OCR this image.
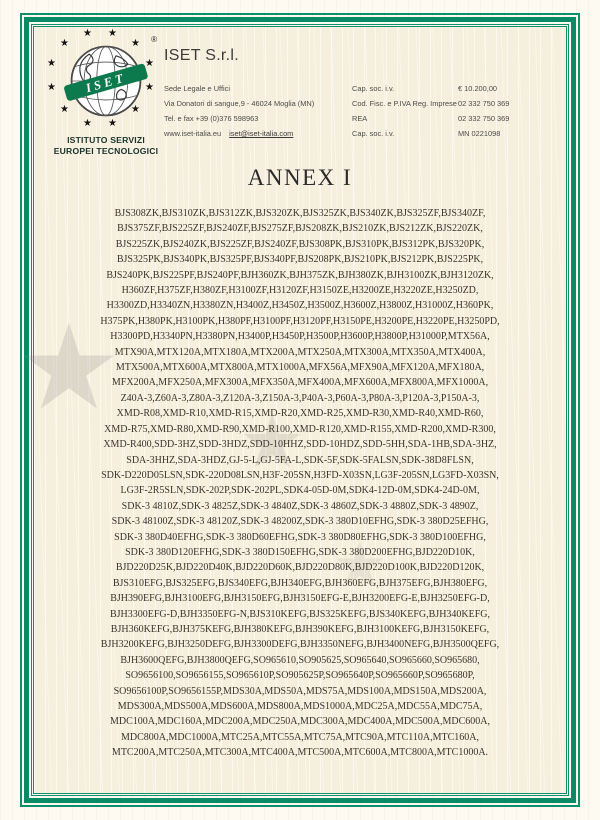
★
★
★
ISET
®
★
★
★
★
★
★
★
★
★
★
★
★
ISTITUTO SERVIZI
EUROPEI TECNOLOGICI
ISET S.r.l.
Sede Legale e Uffici
Via Donatori di sangue,9 - 46024 Moglia (MN)
Tel. e fax +39 (0)376 598963
www.iset-italia.eu iset@iset-italia.com
Cap. soc. i.v.
Cod. Fisc. e P.IVA Reg. Imprese
REA
Cap. soc. i.v.
€ 10.200,00
02 332 750 369
02 332 750 369
MN 0221098
ANNEX I
BJS308ZK,BJS310ZK,BJS312ZK,BJS320ZK,BJS325ZK,BJS340ZK,BJS325ZF,BJS340ZF,
BJS375ZF,BJS225ZF,BJS240ZF,BJS275ZF,BJS208ZK,BJS210ZK,BJS212ZK,BJS220ZK,
BJS225ZK,BJS240ZK,BJS225ZF,BJS240ZF,BJS308PK,BJS310PK,BJS312PK,BJS320PK,
BJS325PK,BJS340PK,BJS325PF,BJS340PF,BJS208PK,BJS210PK,BJS212PK,BJS225PK,
BJS240PK,BJS225PF,BJS240PF,BJH360ZK,BJH375ZK,BJH380ZK,BJH3100ZK,BJH3120ZK,
H360ZF,H375ZF,H380ZF,H3100ZF,H3120ZF,H3150ZE,H3200ZE,H3220ZE,H3250ZD,
H3300ZD,H3340ZN,H3380ZN,H3400Z,H3450Z,H3500Z,H3600Z,H3800Z,H31000Z,H360PK,
H375PK,H380PK,H3100PK,H380PF,H3100PF,H3120PF,H3150PE,H3200PE,H3220PE,H3250PD,
H3300PD,H3340PN,H3380PN,H3400P,H3450P,H3500P,H3600P,H3800P,H31000P,MTX56A,
MTX90A,MTX120A,MTX180A,MTX200A,MTX250A,MTX300A,MTX350A,MTX400A,
MTX500A,MTX600A,MTX800A,MTX1000A,MFX56A,MFX90A,MFX120A,MFX180A,
MFX200A,MFX250A,MFX300A,MFX350A,MFX400A,MFX600A,MFX800A,MFX1000A,
Z40A-3,Z60A-3,Z80A-3,Z120A-3,Z150A-3,P40A-3,P60A-3,P80A-3,P120A-3,P150A-3,
XMD-R08,XMD-R10,XMD-R15,XMD-R20,XMD-R25,XMD-R30,XMD-R40,XMD-R60,
XMD-R75,XMD-R80,XMD-R90,XMD-R100,XMD-R120,XMD-R155,XMD-R200,XMD-R300,
XMD-R400,SDD-3HZ,SDD-3HDZ,SDD-10HHZ,SDD-10HDZ,SDD-5HH,SDA-1HB,SDA-3HZ,
SDA-3HHZ,SDA-3HDZ,GJ-5-L,GJ-5FA-L,SDK-5F,SDK-5FALSN,SDK-38D8FLSN,
SDK-D220D05LSN,SDK-220D08LSN,H3F-205SN,H3FD-X03SN,LG3F-205SN,LG3FD-X03SN,
LG3F-2R5SLN,SDK-202P,SDK-202PL,SDK4-05D-0M,SDK4-12D-0M,SDK4-24D-0M,
SDK-3 4810Z,SDK-3 4825Z,SDK-3 4840Z,SDK-3 4860Z,SDK-3 4880Z,SDK-3 4890Z,
SDK-3 48100Z,SDK-3 48120Z,SDK-3 48200Z,SDK-3 380D10EFHG,SDK-3 380D25EFHG,
SDK-3 380D40EFHG,SDK-3 380D60EFHG,SDK-3 380D80EFHG,SDK-3 380D100EFHG,
SDK-3 380D120EFHG,SDK-3 380D150EFHG,SDK-3 380D200EFHG,BJD220D10K,
BJD220D25K,BJD220D40K,BJD220D60K,BJD220D80K,BJD220D100K,BJD220D120K,
BJS310EFG,BJS325EFG,BJS340EFG,BJH340EFG,BJH360EFG,BJH375EFG,BJH380EFG,
BJH390EFG,BJH3100EFG,BJH3150EFG,BJH3150EFG-E,BJH3200EFG-E,BJH3250EFG-D,
BJH3300EFG-D,BJH3350EFG-N,BJS310KEFG,BJS325KEFG,BJS340KEFG,BJH340KEFG,
BJH360KEFG,BJH375KEFG,BJH380KEFG,BJH390KEFG,BJH3100KEFG,BJH3150KEFG,
BJH3200KEFG,BJH3250DEFG,BJH3300DEFG,BJH3350NEFG,BJH3400NEFG,BJH3500QEFG,
BJH3600QEFG,BJH3800QEFG,SO965610,SO905625,SO965640,SO965660,SO965680,
SO9656100,SO9656155,SO965610P,SO905625P,SO965640P,SO965660P,SO965680P,
SO9656100P,SO9656155P,MDS30A,MDS50A,MDS75A,MDS100A,MDS150A,MDS200A,
MDS300A,MDS500A,MDS600A,MDS800A,MDS1000A,MDC25A,MDC55A,MDC75A,
MDC100A,MDC160A,MDC200A,MDC250A,MDC300A,MDC400A,MDC500A,MDC600A,
MDC800A,MDC1000A,MTC25A,MTC55A,MTC75A,MTC90A,MTC110A,MTC160A,
MTC200A,MTC250A,MTC300A,MTC400A,MTC500A,MTC600A,MTC800A,MTC1000A.
